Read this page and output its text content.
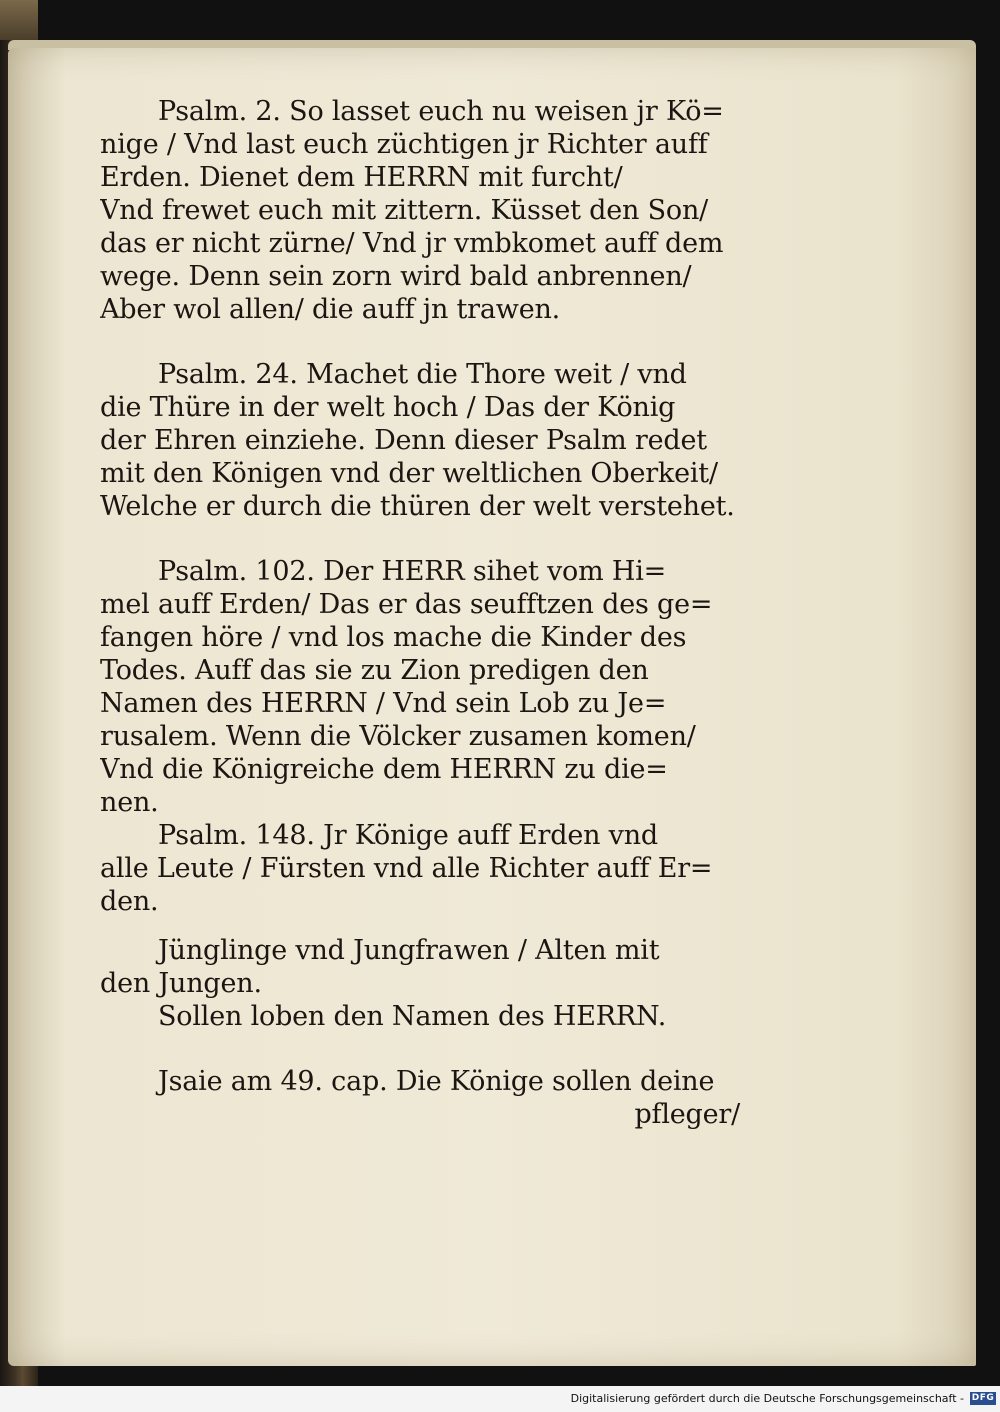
Psalm. 2. So lasset euch nu weisen jr Kö=
nige / Vnd last euch züchtigen jr Richter auff
Erden. Dienet dem HERRN mit furcht/
Vnd frewet euch mit zittern. Küsset den Son/
das er nicht zürne/ Vnd jr vmbkomet auff dem
wege. Denn sein zorn wird bald anbrennen/
Aber wol allen/ die auff jn trawen.
Psalm. 24. Machet die Thore weit / vnd
die Thüre in der welt hoch / Das der König
der Ehren einziehe. Denn dieser Psalm redet
mit den Königen vnd der weltlichen Oberkeit/
Welche er durch die thüren der welt verstehet.
Psalm. 102. Der HERR sihet vom Hi=
mel auff Erden/ Das er das seufftzen des ge=
fangen höre / vnd los mache die Kinder des
Todes. Auff das sie zu Zion predigen den
Namen des HERRN / Vnd sein Lob zu Je=
rusalem. Wenn die Völcker zusamen komen/
Vnd die Königreiche dem HERRN zu die=
nen.
Psalm. 148. Jr Könige auff Erden vnd
alle Leute / Fürsten vnd alle Richter auff Er=
den.
Jünglinge vnd Jungfrawen / Alten mit
den Jungen.
Sollen loben den Namen des HERRN.
Jsaie am 49. cap. Die Könige sollen deine
pfleger/
Digitalisierung gefördert durch die Deutsche Forschungsgemeinschaft - DFG
